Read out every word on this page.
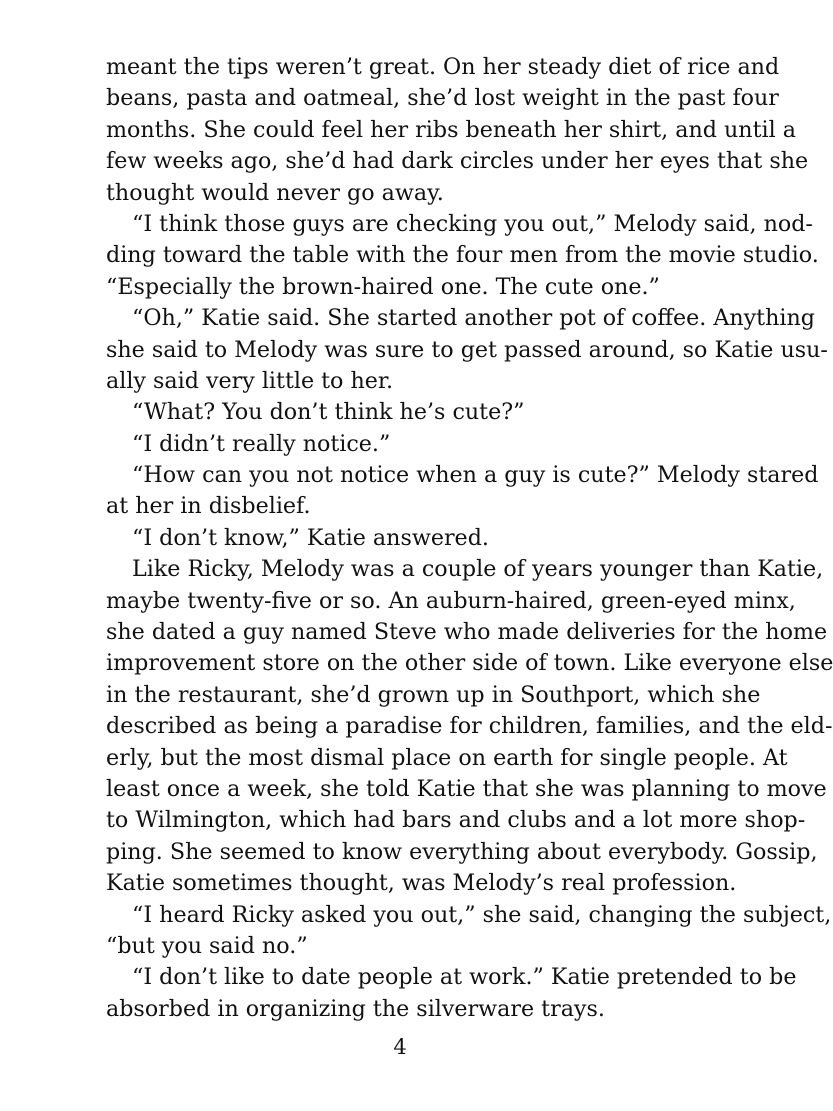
meant the tips weren’t great. On her steady diet of rice and
beans, pasta and oatmeal, she’d lost weight in the past four
months. She could feel her ribs beneath her shirt, and until a
few weeks ago, she’d had dark circles under her eyes that she
thought would never go away.
“I think those guys are checking you out,” Melody said, nod-
ding toward the table with the four men from the movie studio.
“Especially the brown-haired one. The cute one.”
“Oh,” Katie said. She started another pot of coffee. Anything
she said to Melody was sure to get passed around, so Katie usu-
ally said very little to her.
“What? You don’t think he’s cute?”
“I didn’t really notice.”
“How can you not notice when a guy is cute?” Melody stared
at her in disbelief.
“I don’t know,” Katie answered.
Like Ricky, Melody was a couple of years younger than Katie,
maybe twenty-five or so. An auburn-haired, green-eyed minx,
she dated a guy named Steve who made deliveries for the home
improvement store on the other side of town. Like everyone else
in the restaurant, she’d grown up in Southport, which she
described as being a paradise for children, families, and the eld-
erly, but the most dismal place on earth for single people. At
least once a week, she told Katie that she was planning to move
to Wilmington, which had bars and clubs and a lot more shop-
ping. She seemed to know everything about everybody. Gossip,
Katie sometimes thought, was Melody’s real profession.
“I heard Ricky asked you out,” she said, changing the subject,
“but you said no.”
“I don’t like to date people at work.” Katie pretended to be
absorbed in organizing the silverware trays.
4
